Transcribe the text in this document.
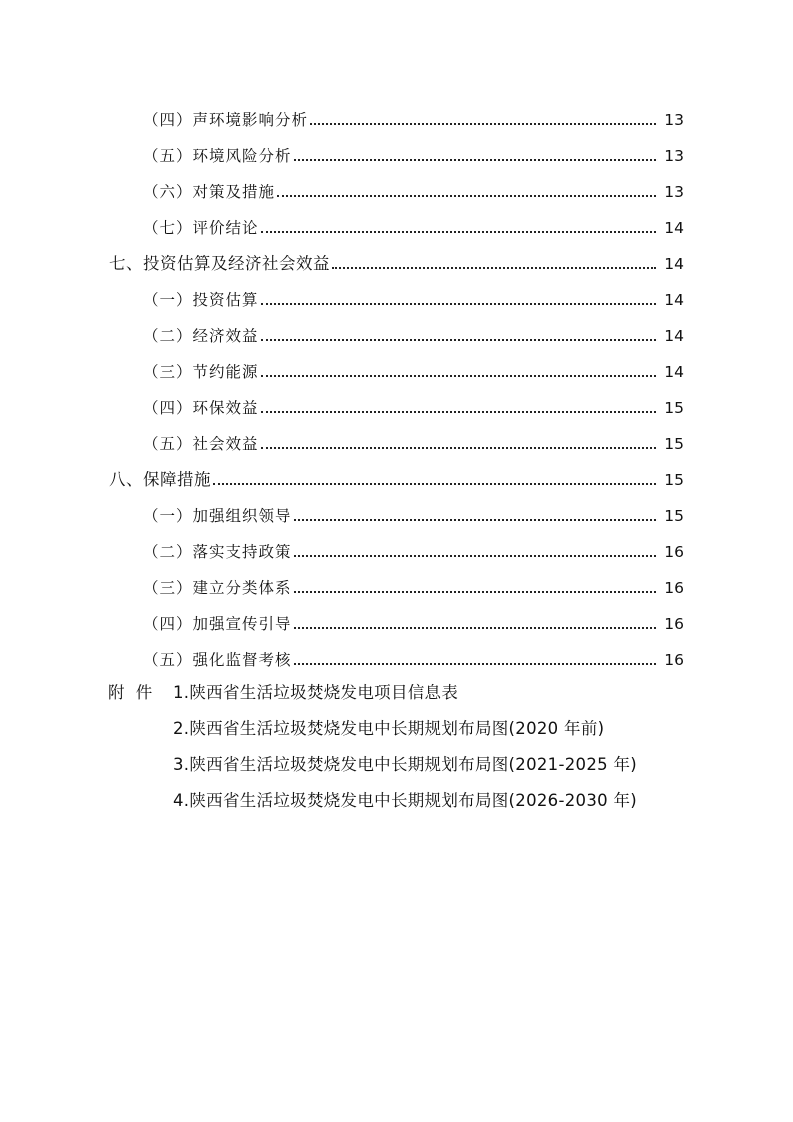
（四）声环境影响分析	13
（五）环境风险分析	13
（六）对策及措施	13
（七）评价结论	14
七、投资估算及经济社会效益	14
（一）投资估算	14
（二）经济效益	14
（三）节约能源	14
（四）环保效益	15
（五）社会效益	15
八、保障措施	15
（一）加强组织领导	15
（二）落实支持政策	16
（三）建立分类体系	16
（四）加强宣传引导	16
（五）强化监督考核	16
附 件 1.陕西省生活垃圾焚烧发电项目信息表
2.陕西省生活垃圾焚烧发电中长期规划布局图(2020 年前)
3.陕西省生活垃圾焚烧发电中长期规划布局图(2021-2025 年)
4.陕西省生活垃圾焚烧发电中长期规划布局图(2026-2030 年)
